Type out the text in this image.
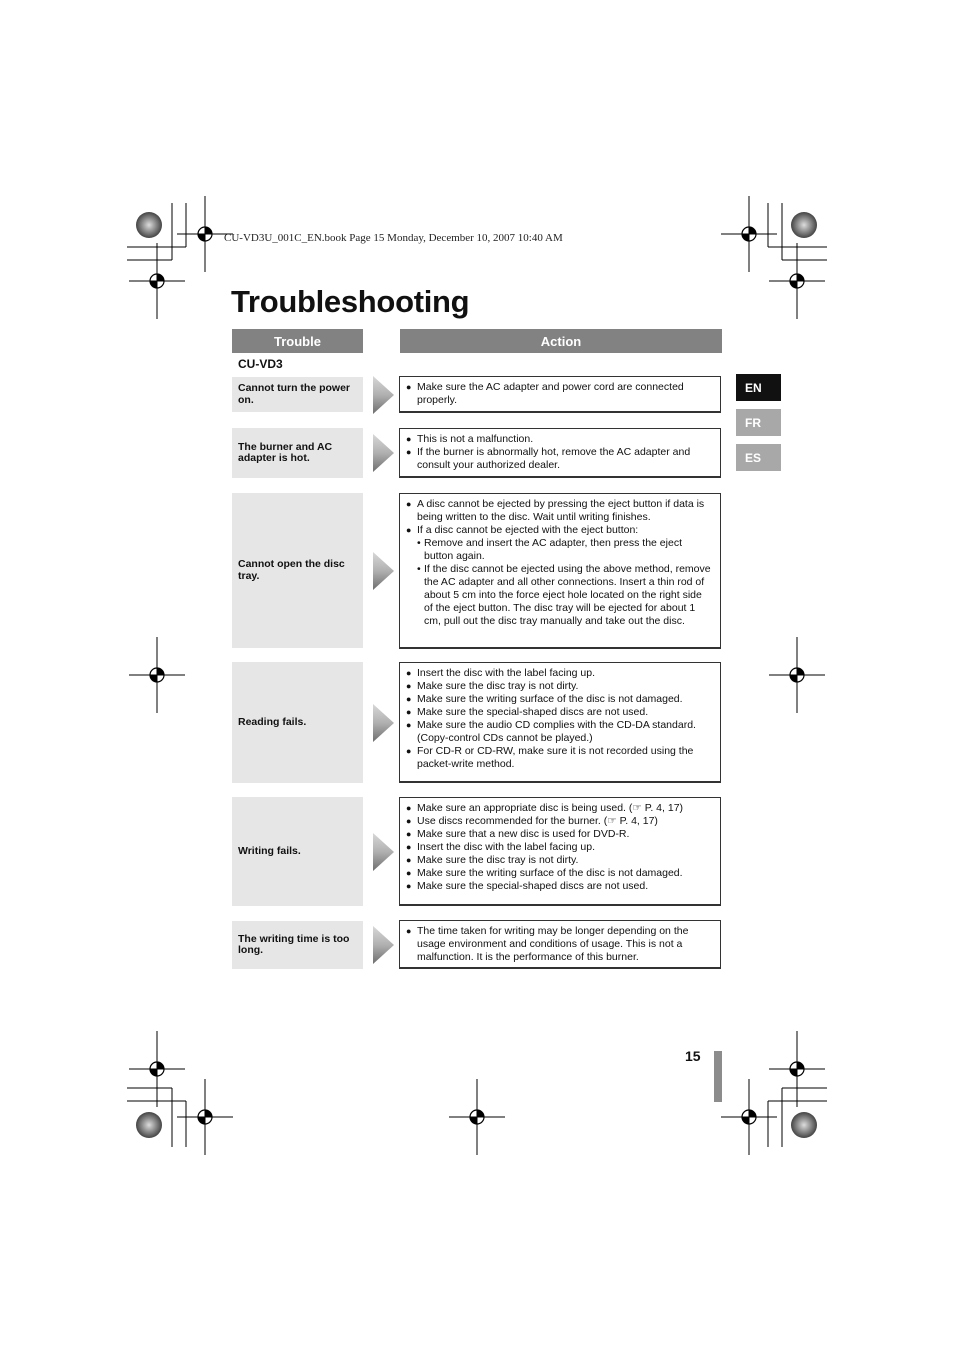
CU-VD3U_001C_EN.book Page 15 Monday, December 10, 2007 10:40 AM
Troubleshooting
Trouble	Action
CU-VD3
EN
FR
ES
Cannot turn the power on.
● Make sure the AC adapter and power cord are connected properly.
The burner and AC adapter is hot.
● This is not a malfunction.
● If the burner is abnormally hot, remove the AC adapter and consult your authorized dealer.
Cannot open the disc tray.
● A disc cannot be ejected by pressing the eject button if data is being written to the disc. Wait until writing finishes.
● If a disc cannot be ejected with the eject button:
• Remove and insert the AC adapter, then press the eject button again.
• If the disc cannot be ejected using the above method, remove the AC adapter and all other connections. Insert a thin rod of about 5 cm into the force eject hole located on the right side of the eject button. The disc tray will be ejected for about 1 cm, pull out the disc tray manually and take out the disc.
Reading fails.
● Insert the disc with the label facing up.
● Make sure the disc tray is not dirty.
● Make sure the writing surface of the disc is not damaged.
● Make sure the special-shaped discs are not used.
● Make sure the audio CD complies with the CD-DA standard. (Copy-control CDs cannot be played.)
● For CD-R or CD-RW, make sure it is not recorded using the packet-write method.
Writing fails.
● Make sure an appropriate disc is being used. (☞ P. 4, 17)
● Use discs recommended for the burner. (☞ P. 4, 17)
● Make sure that a new disc is used for DVD-R.
● Insert the disc with the label facing up.
● Make sure the disc tray is not dirty.
● Make sure the writing surface of the disc is not damaged.
● Make sure the special-shaped discs are not used.
The writing time is too long.
● The time taken for writing may be longer depending on the usage environment and conditions of usage. This is not a malfunction. It is the performance of this burner.
15
